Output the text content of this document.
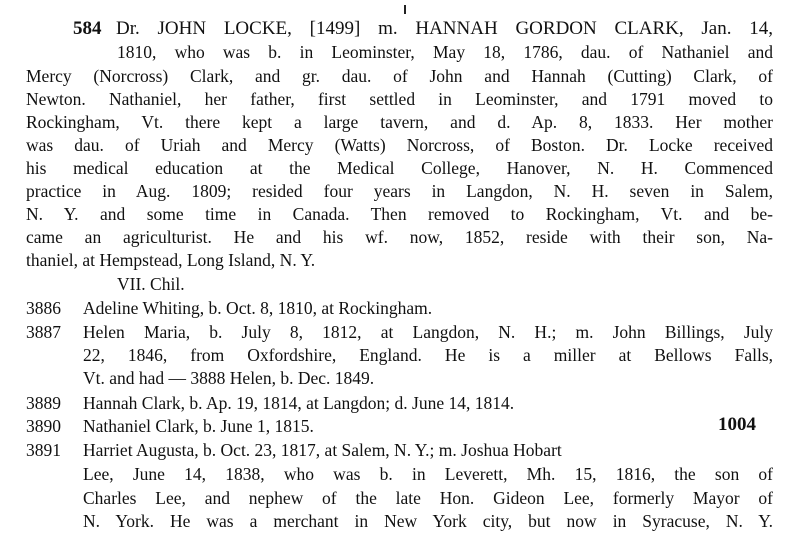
584 Dr. JOHN LOCKE, [1499] m. HANNAH GORDON CLARK, Jan. 14,
1810, who was b. in Leominster, May 18, 1786, dau. of Nathaniel and
Mercy (Norcross) Clark, and gr. dau. of John and Hannah (Cutting) Clark, of
Newton. Nathaniel, her father, first settled in Leominster, and 1791 moved to
Rockingham, Vt. there kept a large tavern, and d. Ap. 8, 1833. Her mother
was dau. of Uriah and Mercy (Watts) Norcross, of Boston. Dr. Locke received
his medical education at the Medical College, Hanover, N. H. Commenced
practice in Aug. 1809; resided four years in Langdon, N. H. seven in Salem,
N. Y. and some time in Canada. Then removed to Rockingham, Vt. and be-
came an agriculturist. He and his wf. now, 1852, reside with their son, Na-
thaniel, at Hempstead, Long Island, N. Y.
VII. Chil.
3886 Adeline Whiting, b. Oct. 8, 1810, at Rockingham.
3887 Helen Maria, b. July 8, 1812, at Langdon, N. H.; m. John Billings, July
22, 1846, from Oxfordshire, England. He is a miller at Bellows Falls,
Vt. and had — 3888 Helen, b. Dec. 1849.
3889 Hannah Clark, b. Ap. 19, 1814, at Langdon; d. June 14, 1814.
3890 Nathaniel Clark, b. June 1, 1815.	1004
3891 Harriet Augusta, b. Oct. 23, 1817, at Salem, N. Y.; m. Joshua Hobart
Lee, June 14, 1838, who was b. in Leverett, Mh. 15, 1816, the son of
Charles Lee, and nephew of the late Hon. Gideon Lee, formerly Mayor of
N. York. He was a merchant in New York city, but now in Syracuse, N. Y.
